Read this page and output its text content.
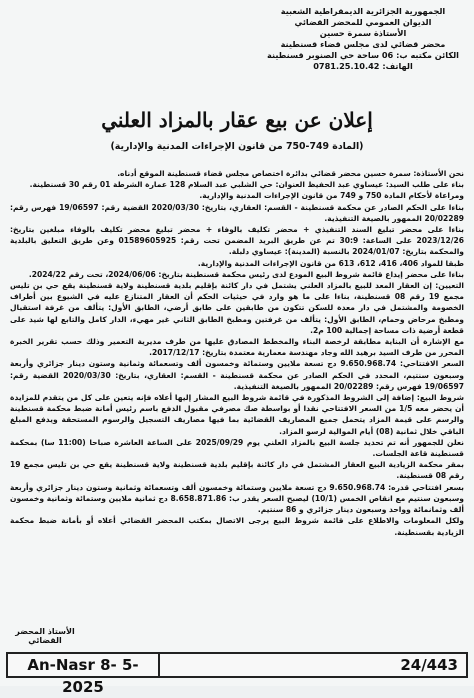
الجمهورية الجزائرية الديمقراطية الشعبية
الديوان العمومي للمحضر القضائي
الأستاذة سمرة حسين
محضر قضائي لدى مجلس قضاء قسنطينة
الكائن مكتبه ب: 06 ساحة حي الصنوبر قسنطينة
الهاتف: 0781.25.10.42
إعلان عن بيع عقار بالمزاد العلني
(المادة 749-750 من قانون الإجراءات المدنية والإدارية)

نحن الأستاذة: سمرة حسين محضر قضائي بدائرة اختصاص مجلس قضاء قسنطينة الموقع أدناه.

بناء على طلب السيد: عيساوي عبد الحفيظ العنوان: حي الشلبي عبد السلام 128 عمارة الشرطة 01 رقم 30 قسنطينة.

ومراعاة لأحكام المادة 750 و 749 من قانون الإجراءات المدنية والإدارية.

بناءا على الحكم الصادر عن محكمة قسنطينة - القسم: العقاري، بتاريخ: 2020/03/30 القضية رقم: 19/06597 فهرس رقم: 20/02289 الممهور بالصيغة التنفيذية.

بناءا على محضر تبليغ السند التنفيذي + محضر تكليف بالوفاء + محضر تبليغ محضر تكليف بالوفاء مبلغين بتاريخ: 2023/12/26 على الساعة: 30:9 تم عن طريق البريد المضمن تحت رقم: 01589605925 وعن طريق التعليق بالبلدية والمحكمة بتاريخ: 2024/01/07 بالنسبة (المدينة): عيساوي دلبلة.

طبقا للمواد 406، 416، 612، 613 من قانون الإجراءات المدنية والإدارية.

بناءا على محضر إيداع قائمة شروط البيع المودع لدى رئيس محكمة قسنطينة بتاريخ: 2024/06/06، تحت رقم 2024/22.

التعيين: إن العقار المعد للبيع بالمزاد العلني يشتمل في دار كائنة بإقليم بلدية قسنطينة ولاية قسنطينة يقع حي بن تليس مجمع 19 رقم 08 قسنطينة، بناءا على ما هو وارد في حيثيات الحكم أن العقار المتنازع عليه في الشيوع بين أطراف الخصومة والمشتمل في دار معدة للسكن تتكون من طابقين على طابق أرضي، الطابق الأول: يتألف من غرفة استقبال ومطبخ مرحاض وحمام، الطابق الأول: يتألف من غرفتين ومطبخ الطابق الثاني غير مهيء، الدار كامل والتابع لها شيد على قطعة أرضية ذات مساحة إجمالية 100 م2.

مع الإشارة أن البناية مطابقة لرخصة البناء والمخطط المصادق عليها من طرف مديرية التعمير وذلك حسب تقرير الخبرة المحرر من طرف السيد برهيد الله وجاد مهندسة معمارية معتمدة بتاريخ: 2017/12/17.

السعر الافتتاحي: 9.650.968.74 دج تسعة ملايين وستمائة وخمسون ألف وتسعمائة وثمانية وستون دينار جزائري وأربعة وسبعون سنتيم، المحدد في الحكم الصادر عن محكمة قسنطينة - القسم: العقاري، بتاريخ: 2020/03/30 القضية رقم: 19/06597 فهرس رقم: 20/02289 الممهور بالصيغة التنفيذية.

شروط البيع: إضافة إلى الشروط المذكورة في قائمة شروط البيع المشار إليها أعلاه فإنه يتعين على كل من يتقدم للمزايدة أن يحضر معه 1/5 من السعر الافتتاحي نقدا أو بواسطة صك مصرفي مقبول الدفع باسم رئيس أمانة ضبط محكمة قسنطينة والرسم على قيمة المزاد يتحمل جميع المصاريف القضائية بما فيها مصاريف التسجيل والرسوم المستحقة ويدفع المبلغ الباقي خلال ثمانية (08) أيام الموالية لرسو المزاد.

نعلن للجمهور أنه تم تحديد جلسة البيع بالمزاد العلني يوم 2025/09/29 على الساعة العاشرة صباحا (11:00 سا) بمحكمة قسنطينة قاعة الجلسات.

بمقر محكمة الزيادية البيع العقار المشتمل في دار كائنة بإقليم بلدية قسنطينة ولاية قسنطينة يقع حي بن تليس مجمع 19 رقم 08 قسنطينة.

بسعر افتتاحي قدره: 9.650.968.74 دج تسعة ملايين وستمائة وخمسون ألف وتسعمائة وثمانية وستون دينار جزائري وأربعة وسبعون سنتيم مع انقاص الخمس (10/1) ليصبح السعر يقدر ب: 8.658.871.86 دج ثمانية ملايين وستمائة وثمانية وخمسون ألف وثمانمائة وواحد وسبعون دينار جزائري و 86 سنتيم.

ولكل المعلومات والاطلاع على قائمة شروط البيع يرجى الاتصال بمكتب المحضر القضائي أعلاه أو بأمانة ضبط محكمة الزيادية بقسنطينة.

الأستاذ المحضر القضائي
An-Nasr 8- 5-2025
24/443
